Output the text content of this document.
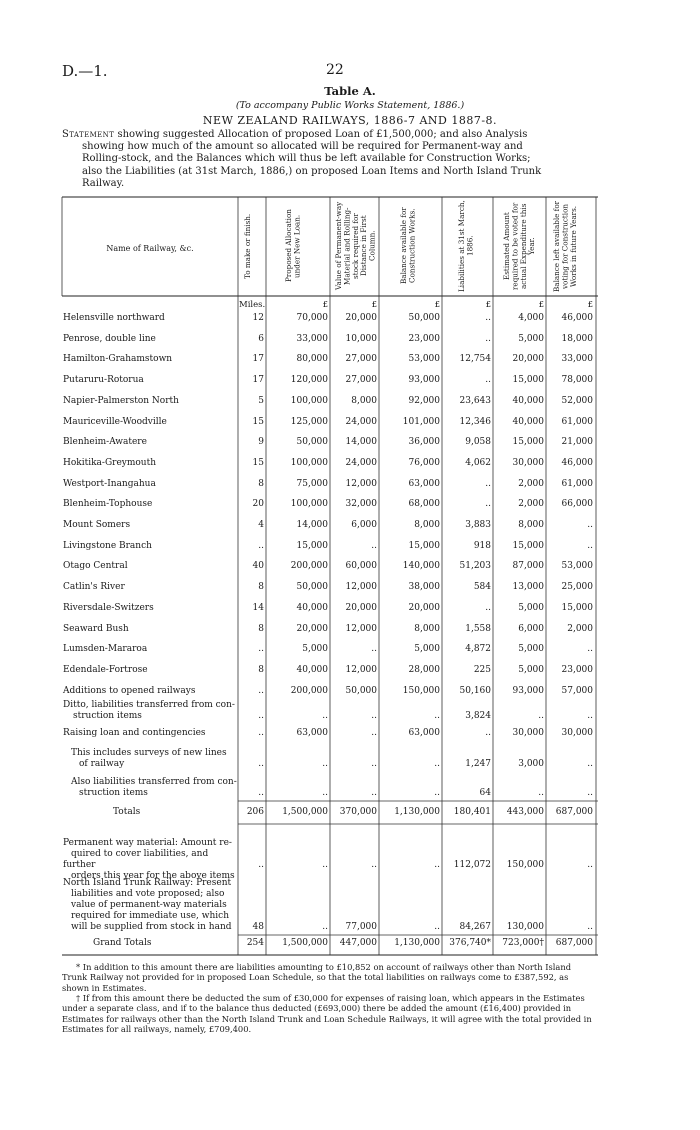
D.—1.	22
Table A.
(To accompany Public Works Statement, 1886.)
NEW ZEALAND RAILWAYS, 1886-7 AND 1887-8.
Statement showing suggested Allocation of proposed Loan of £1,500,000; and also Analysis
showing how much of the amount so allocated will be required for Permanent-way and
Rolling-stock, and the Balances which will thus be left available for Construction Works;
also the Liabilities (at 31st March, 1886,) on proposed Loan Items and North Island Trunk
Railway.
Name of Railway, &c.	To make or finish.	Proposed Allocation under New Loan.	Value of Permanent-way Material and Rolling-stock required for Distance in First Column.	Balance available for Construction Works.	Liabilities at 31st March, 1886.	Estimated Amount required to be voted for actual Expenditure this Year.	Balance left available for voting for Construction Works in future Years.
Miles.	£	£	£	£	£	£
Helensville northward	12	70,000	20,000	50,000	..	4,000	46,000
Penrose, double line	6	33,000	10,000	23,000	..	5,000	18,000
Hamilton-Grahamstown	17	80,000	27,000	53,000	12,754	20,000	33,000
Putaruru-Rotorua	17	120,000	27,000	93,000	..	15,000	78,000
Napier-Palmerston North	5	100,000	8,000	92,000	23,643	40,000	52,000
Mauriceville-Woodville	15	125,000	24,000	101,000	12,346	40,000	61,000
Blenheim-Awatere	9	50,000	14,000	36,000	9,058	15,000	21,000
Hokitika-Greymouth	15	100,000	24,000	76,000	4,062	30,000	46,000
Westport-Inangahua	8	75,000	12,000	63,000	..	2,000	61,000
Blenheim-Tophouse	20	100,000	32,000	68,000	..	2,000	66,000
Mount Somers	4	14,000	6,000	8,000	3,883	8,000	..
Livingstone Branch	..	15,000	..	15,000	918	15,000	..
Otago Central	40	200,000	60,000	140,000	51,203	87,000	53,000
Catlin's River	8	50,000	12,000	38,000	584	13,000	25,000
Riversdale-Switzers	14	40,000	20,000	20,000	..	5,000	15,000
Seaward Bush	8	20,000	12,000	8,000	1,558	6,000	2,000
Lumsden-Mararoa	..	5,000	..	5,000	4,872	5,000	..
Edendale-Fortrose	8	40,000	12,000	28,000	225	5,000	23,000
Additions to opened railways	..	200,000	50,000	150,000	50,160	93,000	57,000
Ditto, liabilities transferred from con-
struction items	..	..	..	..	3,824	..	..
Raising loan and contingencies	..	63,000	..	63,000	..	30,000	30,000
This includes surveys of new lines
of railway	..	..	..	..	1,247	3,000	..
Also liabilities transferred from con-
struction items	..	..	..	..	64	..	..
Totals	206	1,500,000	370,000	1,130,000	180,401	443,000	687,000
Permanent way material: Amount re-
quired to cover liabilities, and further
orders this year for the above items
..	..	..	..	112,072	150,000	..
North Island Trunk Railway: Present
liabilities and vote proposed; also
value of permanent-way materials
required for immediate use, which
will be supplied from stock in hand	48	..	77,000	..	84,267	130,000	..
Grand Totals	254	1,500,000	447,000	1,130,000	376,740*	723,000†	687,000
* In addition to this amount there are liabilities amounting to £10,852 on account of railways other than North Island Trunk Railway not provided for in proposed Loan Schedule, so that the total liabilities on railways come to £387,592, as shown in Estimates.
† If from this amount there be deducted the sum of £30,000 for expenses of raising loan, which appears in the Estimates under a separate class, and if to the balance thus deducted (£693,000) there be added the amount (£16,400) provided in Estimates for railways other than the North Island Trunk and Loan Schedule Railways, it will agree with the total provided in Estimates for all railways, namely, £709,400.
